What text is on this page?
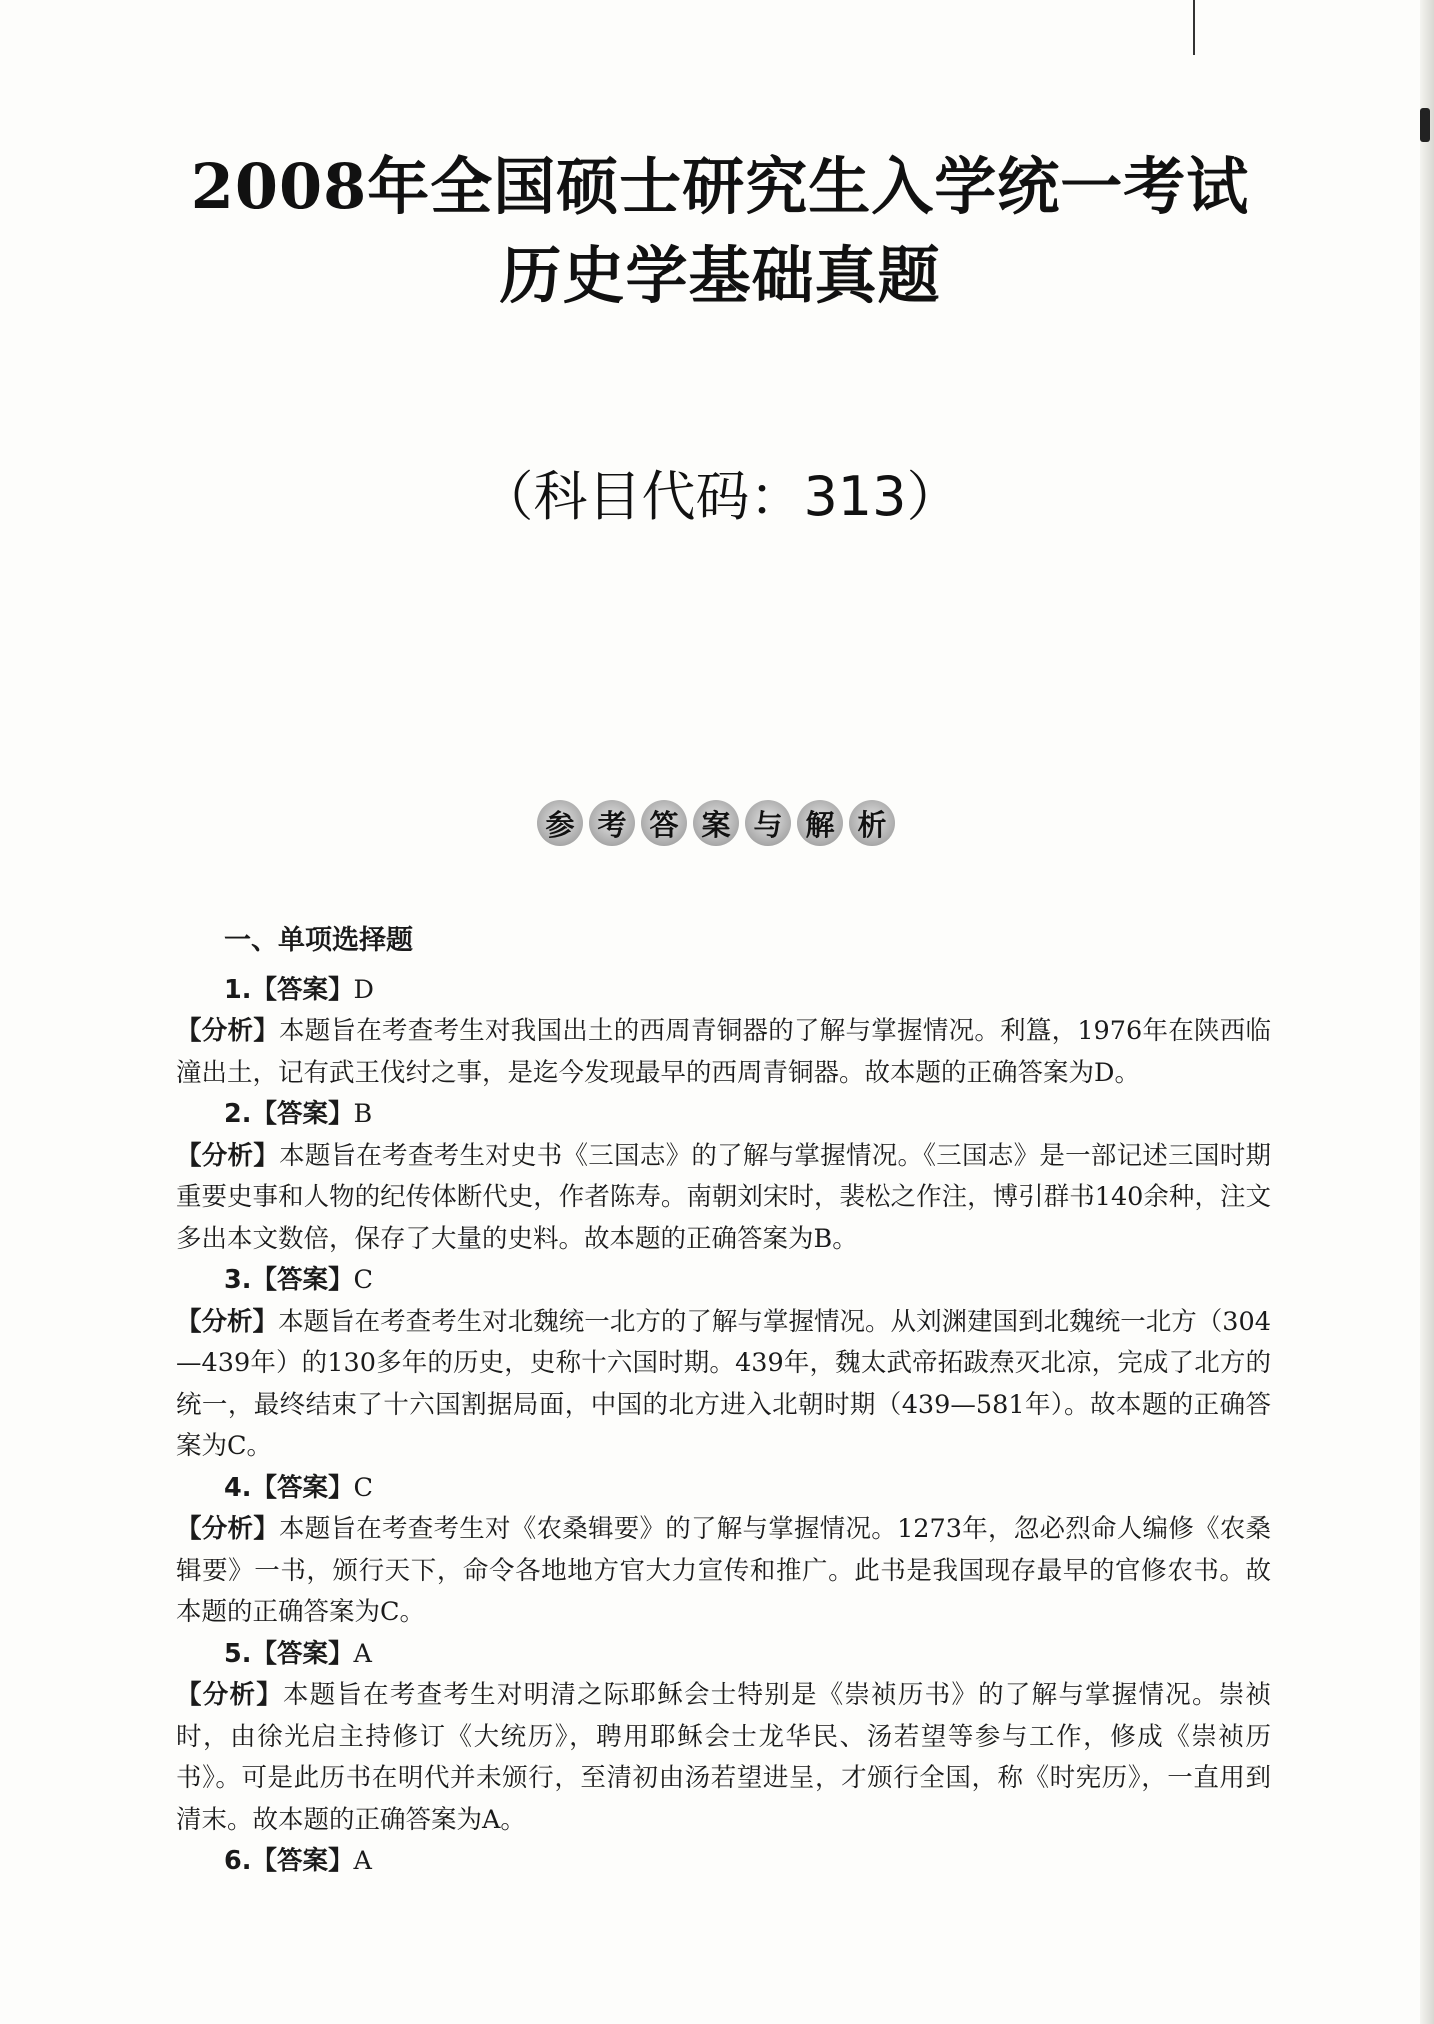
2008年全国硕士研究生入学统一考试
历史学基础真题
（科目代码：313）
参 考 答 案 与 解 析
一、单项选择题
1.【答案】D

【分析】本题旨在考查考生对我国出土的西周青铜器的了解与掌握情况。利簋，1976年在陕西临潼出土，记有武王伐纣之事，是迄今发现最早的西周青铜器。故本题的正确答案为D。

2.【答案】B

【分析】本题旨在考查考生对史书《三国志》的了解与掌握情况。《三国志》是一部记述三国时期重要史事和人物的纪传体断代史，作者陈寿。南朝刘宋时，裴松之作注，博引群书140余种，注文多出本文数倍，保存了大量的史料。故本题的正确答案为B。

3.【答案】C

【分析】本题旨在考查考生对北魏统一北方的了解与掌握情况。从刘渊建国到北魏统一北方（304—439年）的130多年的历史，史称十六国时期。439年，魏太武帝拓跋焘灭北凉，完成了北方的统一，最终结束了十六国割据局面，中国的北方进入北朝时期（439—581年）。故本题的正确答案为C。

4.【答案】C

【分析】本题旨在考查考生对《农桑辑要》的了解与掌握情况。1273年，忽必烈命人编修《农桑辑要》一书，颁行天下，命令各地地方官大力宣传和推广。此书是我国现存最早的官修农书。故本题的正确答案为C。

5.【答案】A

【分析】本题旨在考查考生对明清之际耶稣会士特别是《崇祯历书》的了解与掌握情况。崇祯时，由徐光启主持修订《大统历》，聘用耶稣会士龙华民、汤若望等参与工作，修成《崇祯历书》。可是此历书在明代并未颁行，至清初由汤若望进呈，才颁行全国，称《时宪历》，一直用到清末。故本题的正确答案为A。

6.【答案】A
